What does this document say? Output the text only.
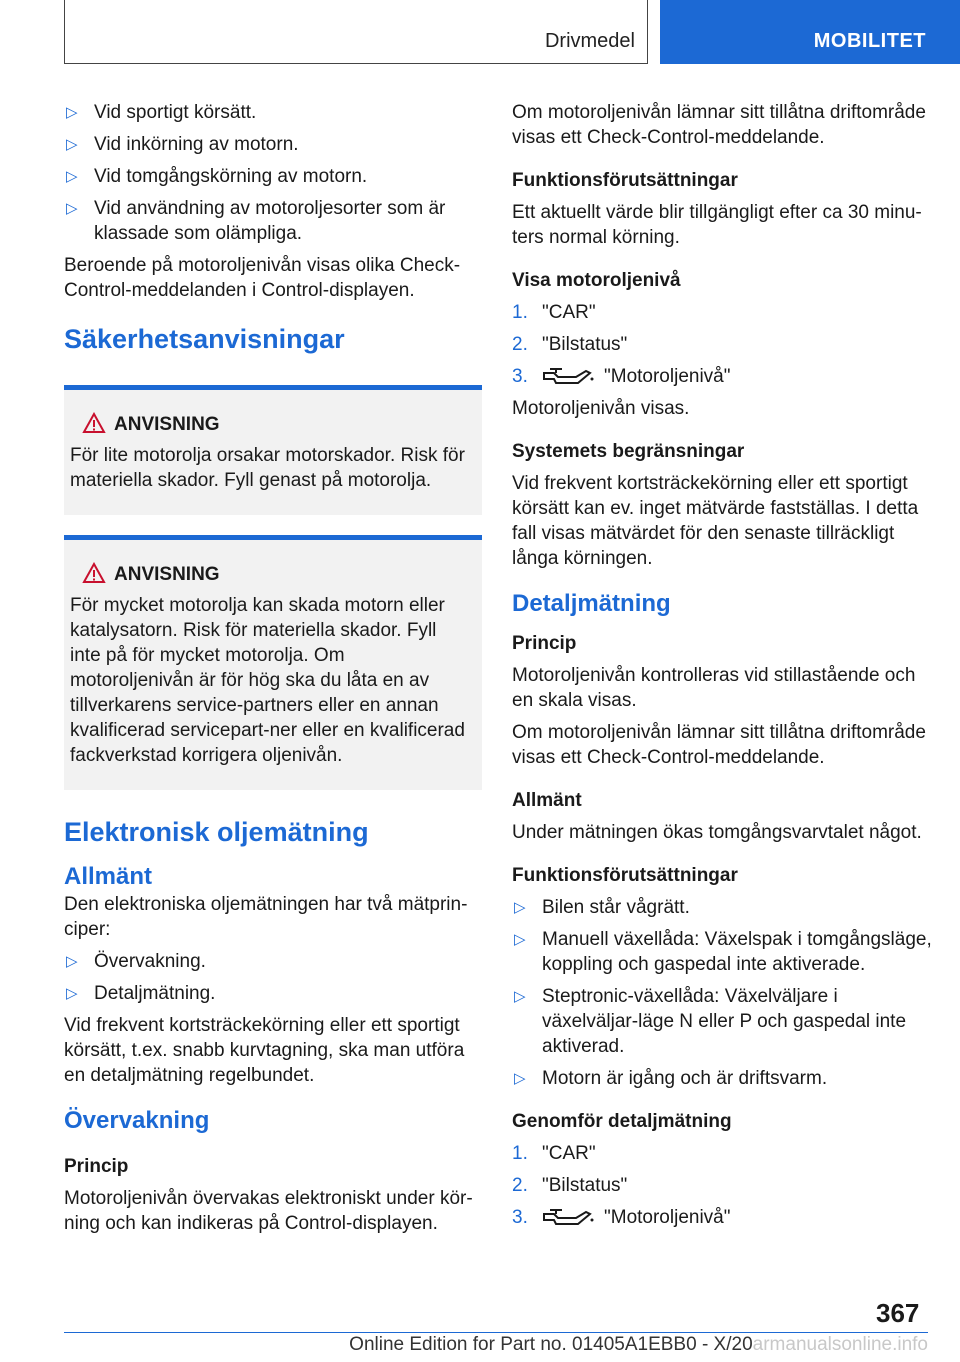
Drivmedel	MOBILITET
▷ Vid sportigt körsätt.
▷ Vid inkörning av motorn.
▷ Vid tomgångskörning av motorn.
▷ Vid användning av motoroljesorter som är klassade som olämpliga.

Beroende på motoroljenivån visas olika Check-Control-meddelanden i Control-displayen.

Säkerhetsanvisningar
ANVISNING
För lite motorolja orsakar motorskador. Risk för materiella skador. Fyll genast på motorolja.
ANVISNING
För mycket motorolja kan skada motorn eller katalysatorn. Risk för materiella skador. Fyll inte på för mycket motorolja. Om motoroljenivån är för hög ska du låta en av tillverkarens service-partners eller en annan kvalificerad servicepart-ner eller en kvalificerad fackverkstad korrigera oljenivån.
Elektronisk oljemätning
Allmänt

Den elektroniska oljemätningen har två mätprin-ciper:

▷ Övervakning.
▷ Detaljmätning.

Vid frekvent kortsträckekörning eller ett sportigt körsätt, t.ex. snabb kurvtagning, ska man utföra en detaljmätning regelbundet.

Övervakning
Princip

Motoroljenivån övervakas elektroniskt under kör-ning och kan indikeras på Control-displayen.

Om motoroljenivån lämnar sitt tillåtna driftområde visas ett Check-Control-meddelande.

Funktionsförutsättningar

Ett aktuellt värde blir tillgängligt efter ca 30 minu-ters normal körning.

Visa motoroljenivå
1. "CAR"
2. "Bilstatus"
3.	"Motoroljenivå"

Motoroljenivån visas.

Systemets begränsningar

Vid frekvent kortsträckekörning eller ett sportigt körsätt kan ev. inget mätvärde fastställas. I detta fall visas mätvärdet för den senaste tillräckligt långa körningen.

Detaljmätning
Princip

Motoroljenivån kontrolleras vid stillastående och en skala visas.

Om motoroljenivån lämnar sitt tillåtna driftområde visas ett Check-Control-meddelande.

Allmänt

Under mätningen ökas tomgångsvarvtalet något.

Funktionsförutsättningar
▷ Bilen står vågrätt.
▷ Manuell växellåda: Växelspak i tomgångsläge, koppling och gaspedal inte aktiverade.
▷ Steptronic-växellåda: Växelväljare i växelväljar-läge N eller P och gaspedal inte aktiverad.
▷ Motorn är igång och är driftsvarm.
Genomför detaljmätning
1. "CAR"
2. "Bilstatus"
3.	"Motoroljenivå"
367
Online Edition for Part no. 01405A1EBB0 - X/20armanualsonline.info
